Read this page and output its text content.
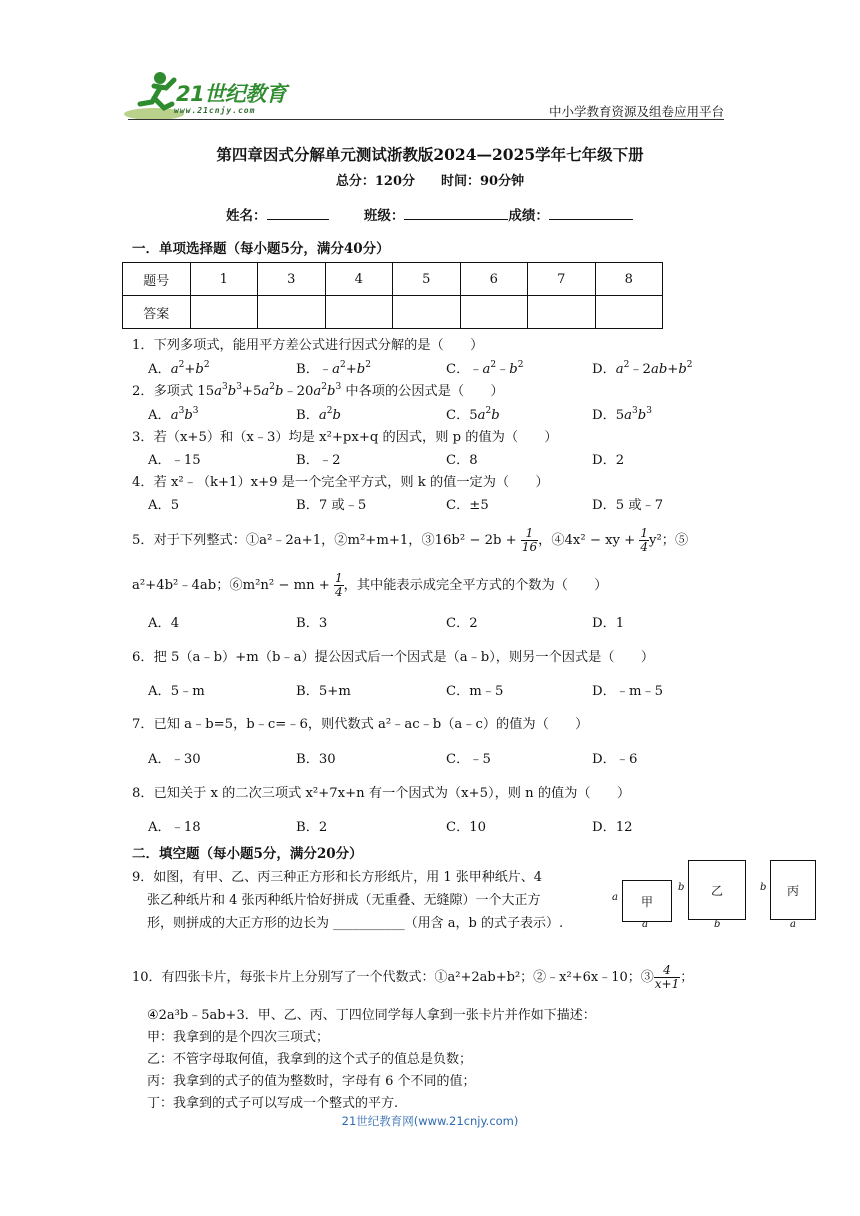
21世纪教育
www.21cnjy.com	中小学教育资源及组卷应用平台
第四章因式分解单元测试浙教版2024—2025学年七年级下册
总分：120分　　时间：90分钟
姓名：	班级：	成绩：
一．单项选择题（每小题5分，满分40分）
题号	1	3	4	5	6	7	8
答案							
1．下列多项式，能用平方差公式进行因式分解的是（　　）
A．$a^2+b^2$	B．$﹣a^2+b^2$	C．$﹣a^2﹣b^2$	D．$a^2﹣2ab+b^2$
2．多项式 $15a^3b^3+5a^2b﹣20a^2b^3$ 中各项的公因式是（　　）
A．$a^3b^3$	B．$a^2b$	C．$5a^2b$	D．$5a^3b^3$
3．若（x+5）和（x﹣3）均是 x²+px+q 的因式，则 p 的值为（　　）
A．﹣15	B．﹣2	C．8	D．2
4．若 x²﹣（k+1）x+9 是一个完全平方式，则 k 的值一定为（　　）
A．5	B．7 或﹣5	C．±5	D．5 或﹣7
5．对于下列整式：①a²﹣2a+1，②m²+m+1，③16b² − $2b + \frac{1}{16}$ ，④4x² − xy + $\frac{1}{4} y^2$；⑤
a²+4b²﹣4ab；⑥m²n² − mn + $\frac{1}{4}$ ，其中能表示成完全平方式的个数为（　　）
A．4	B．3	C．2	D．1
6．把 5（a﹣b）+m（b﹣a）提公因式后一个因式是（a﹣b），则另一个因式是（　　）
A．5﹣m	B．5+m	C．m﹣5	D．﹣m﹣5
7．已知 a﹣b=5，b﹣c=﹣6，则代数式 a²﹣ac﹣b（a﹣c）的值为（　　）
A．﹣30	B．30	C．﹣5	D．﹣6
8．已知关于 x 的二次三项式 x²+7x+n 有一个因式为（x+5），则 n 的值为（　　）
A．﹣18	B．2	C．10	D．12
二．填空题（每小题5分，满分20分）
9．如图，有甲、乙、丙三种正方形和长方形纸片，用 1 张甲种纸片、4
张乙种纸片和 4 张丙种纸片恰好拼成（无重叠、无缝隙）一个大正方
形，则拼成的大正方形的边长为 ___________（用含 a，b 的式子表示）.
甲
a
a
乙
b
b
丙
b
a
10．有四张卡片，每张卡片上分别写了一个代数式：①a²+2ab+b²；②﹣x²+6x﹣10；③ $\frac{4}{x+1}$ ；
④2a³b﹣5ab+3．甲、乙、丙、丁四位同学每人拿到一张卡片并作如下描述：
甲：我拿到的是个四次三项式；
乙：不管字母取何值，我拿到的这个式子的值总是负数；
丙：我拿到的式子的值为整数时，字母有 6 个不同的值；
丁：我拿到的式子可以写成一个整式的平方.
21世纪教育网(www.21cnjy.com)
